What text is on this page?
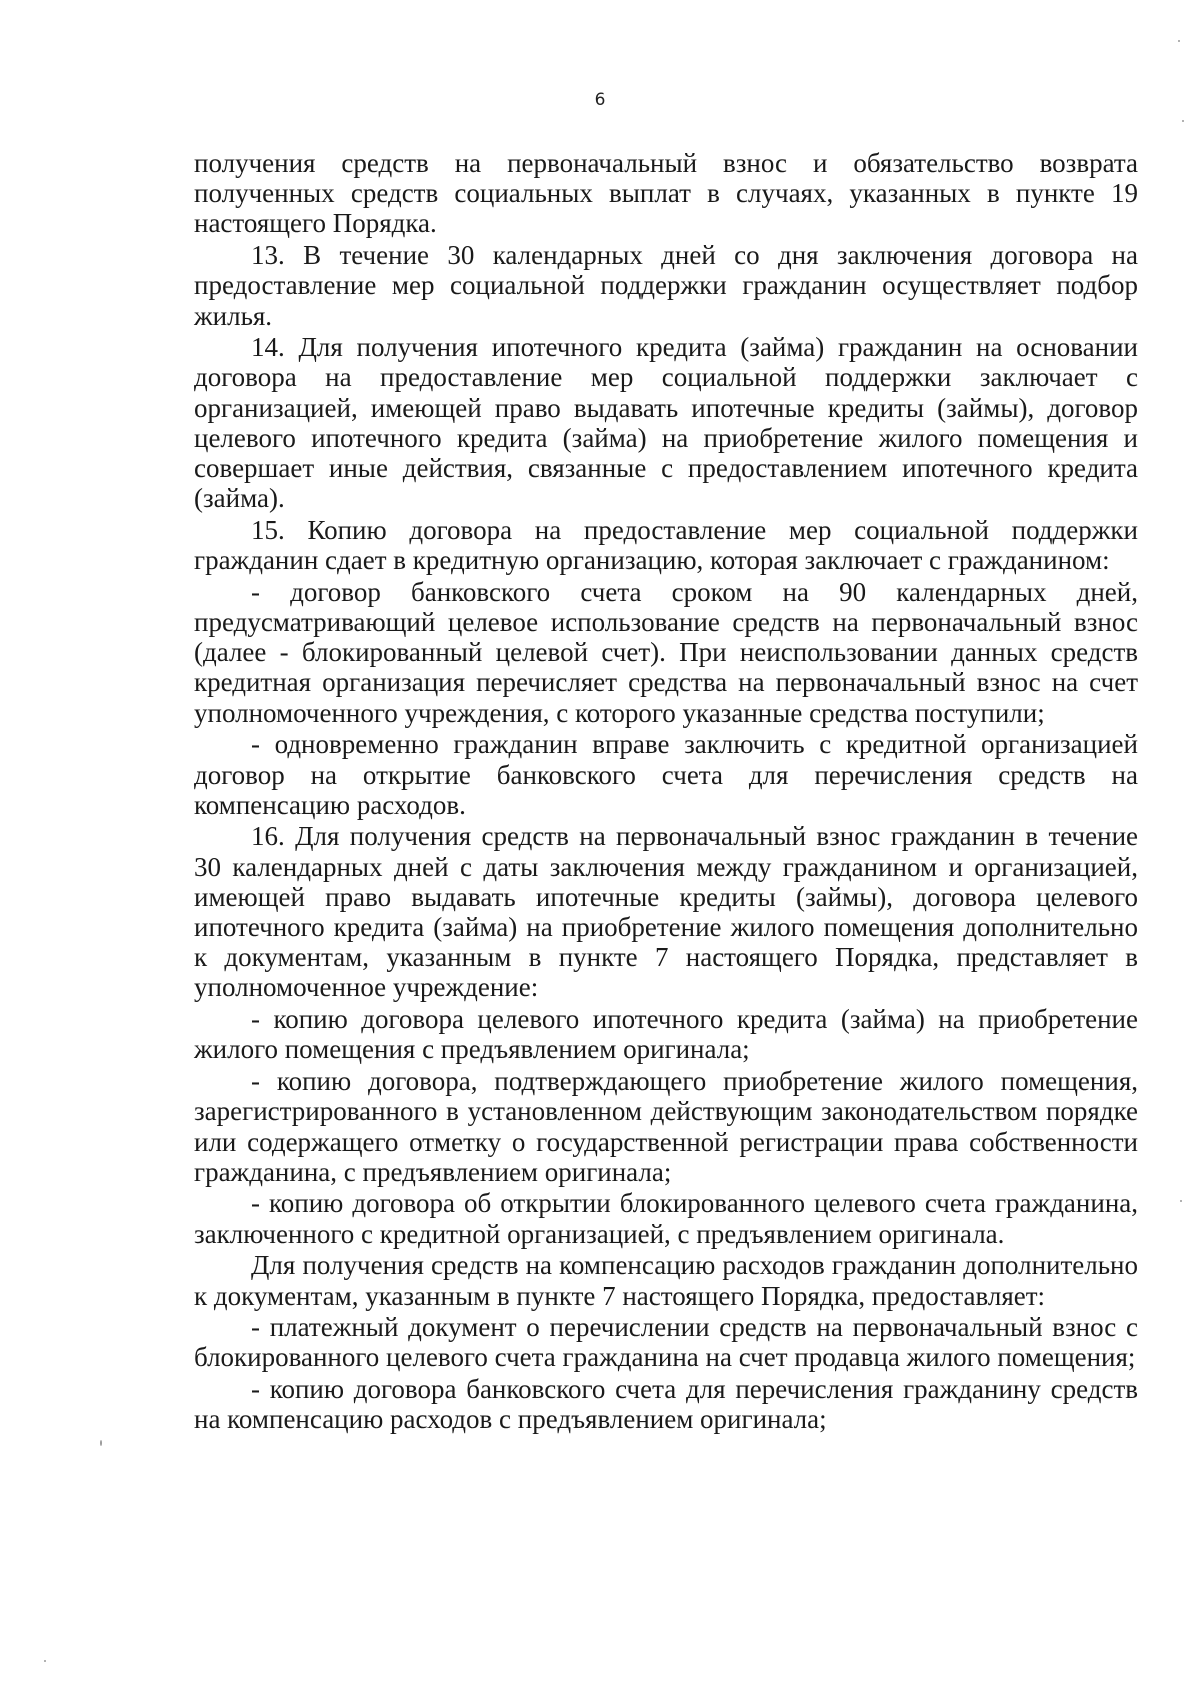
6

получения средств на первоначальный взнос и обязательство возврата полученных средств социальных выплат в случаях, указанных в пункте 19 настоящего Порядка.

13. В течение 30 календарных дней со дня заключения договора на предоставление мер социальной поддержки гражданин осуществляет подбор жилья.

14. Для получения ипотечного кредита (займа) гражданин на основании договора на предоставление мер социальной поддержки заключает с организацией, имеющей право выдавать ипотечные кредиты (займы), договор целевого ипотечного кредита (займа) на приобретение жилого помещения и совершает иные действия, связанные с предоставлением ипотечного кредита (займа).

15. Копию договора на предоставление мер социальной поддержки гражданин сдает в кредитную организацию, которая заключает с гражданином:

- договор банковского счета сроком на 90 календарных дней, предусматривающий целевое использование средств на первоначальный взнос (далее - блокированный целевой счет). При неиспользовании данных средств кредитная организация перечисляет средства на первоначальный взнос на счет уполномоченного учреждения, с которого указанные средства поступили;

- одновременно гражданин вправе заключить с кредитной организацией договор на открытие банковского счета для перечисления средств на компенсацию расходов.

16. Для получения средств на первоначальный взнос гражданин в течение 30 календарных дней с даты заключения между гражданином и организацией, имеющей право выдавать ипотечные кредиты (займы), договора целевого ипотечного кредита (займа) на приобретение жилого помещения дополнительно к документам, указанным в пункте 7 настоящего Порядка, представляет в уполномоченное учреждение:

- копию договора целевого ипотечного кредита (займа) на приобретение жилого помещения с предъявлением оригинала;

- копию договора, подтверждающего приобретение жилого помещения, зарегистрированного в установленном действующим законодательством порядке или содержащего отметку о государственной регистрации права собственности гражданина, с предъявлением оригинала;

- копию договора об открытии блокированного целевого счета гражданина, заключенного с кредитной организацией, с предъявлением оригинала.

Для получения средств на компенсацию расходов гражданин дополнительно к документам, указанным в пункте 7 настоящего Порядка, предоставляет:

- платежный документ о перечислении средств на первоначальный взнос с блокированного целевого счета гражданина на счет продавца жилого помещения;

- копию договора банковского счета для перечисления гражданину средств на компенсацию расходов с предъявлением оригинала;
